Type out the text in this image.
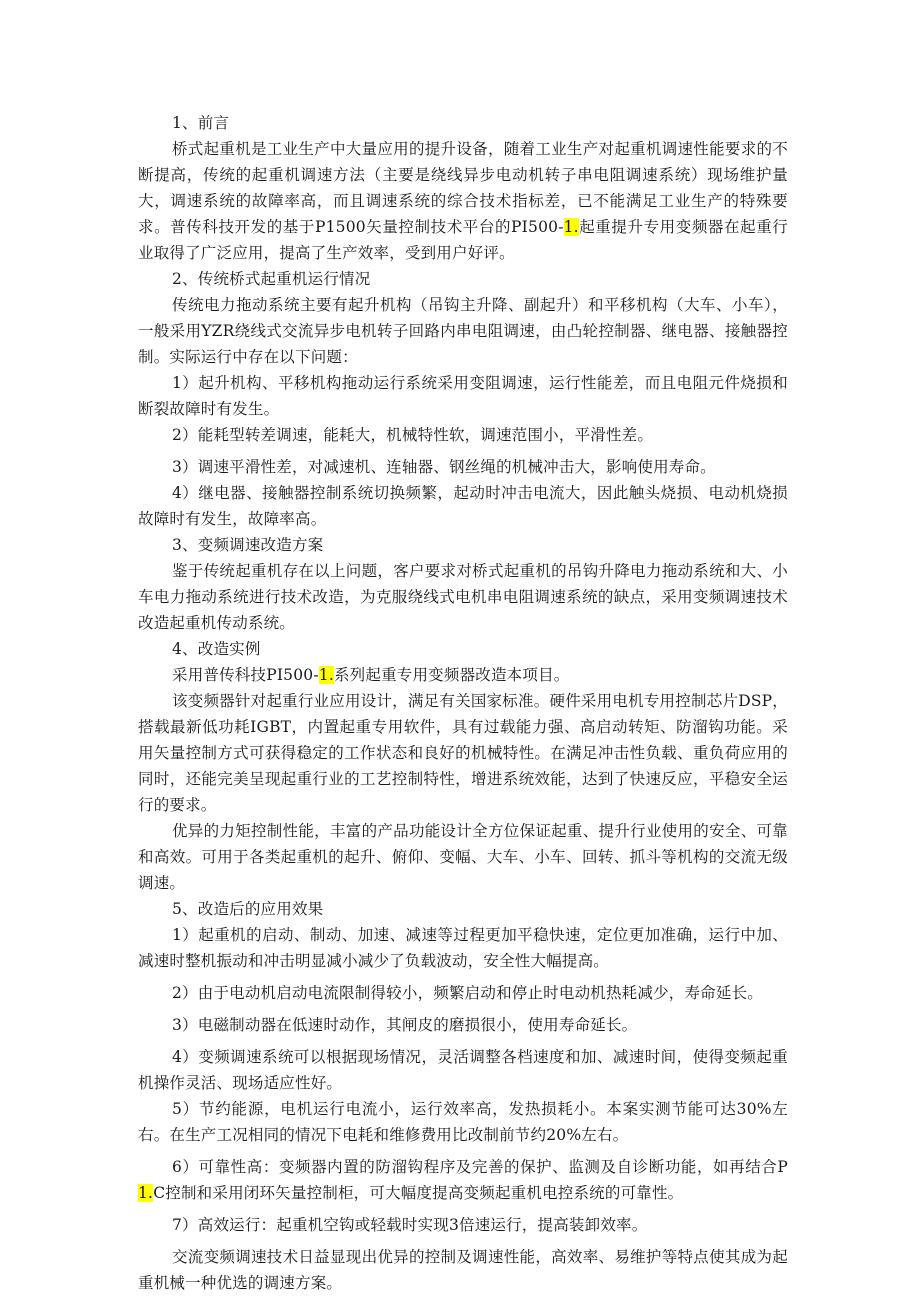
1、前言

桥式起重机是工业生产中大量应用的提升设备，随着工业生产对起重机调速性能要求的不断提高，传统的起重机调速方法（主要是绕线异步电动机转子串电阻调速系统）现场维护量大，调速系统的故障率高，而且调速系统的综合技术指标差，已不能满足工业生产的特殊要求。普传科技开发的基于P1500矢量控制技术平台的PI500-1.起重提升专用变频器在起重行业取得了广泛应用，提高了生产效率，受到用户好评。

2、传统桥式起重机运行情况

传统电力拖动系统主要有起升机构（吊钩主升降、副起升）和平移机构（大车、小车），一般采用YZR绕线式交流异步电机转子回路内串电阻调速，由凸轮控制器、继电器、接触器控制。实际运行中存在以下问题：

1）起升机构、平移机构拖动运行系统采用变阻调速，运行性能差，而且电阻元件烧损和断裂故障时有发生。

2）能耗型转差调速，能耗大，机械特性软，调速范围小，平滑性差。

3）调速平滑性差，对减速机、连轴器、钢丝绳的机械冲击大，影响使用寿命。

4）继电器、接触器控制系统切换频繁，起动时冲击电流大，因此触头烧损、电动机烧损故障时有发生，故障率高。

3、变频调速改造方案

鉴于传统起重机存在以上问题，客户要求对桥式起重机的吊钩升降电力拖动系统和大、小车电力拖动系统进行技术改造，为克服绕线式电机串电阻调速系统的缺点，采用变频调速技术改造起重机传动系统。

4、改造实例

采用普传科技PI500-1.系列起重专用变频器改造本项目。

该变频器针对起重行业应用设计，满足有关国家标准。硬件采用电机专用控制芯片DSP，搭载最新低功耗IGBT，内置起重专用软件，具有过载能力强、高启动转矩、防溜钩功能。采用矢量控制方式可获得稳定的工作状态和良好的机械特性。在满足冲击性负载、重负荷应用的同时，还能完美呈现起重行业的工艺控制特性，增进系统效能，达到了快速反应，平稳安全运行的要求。

优异的力矩控制性能，丰富的产品功能设计全方位保证起重、提升行业使用的安全、可靠和高效。可用于各类起重机的起升、俯仰、变幅、大车、小车、回转、抓斗等机构的交流无级调速。

5、改造后的应用效果

1）起重机的启动、制动、加速、减速等过程更加平稳快速，定位更加准确，运行中加、减速时整机振动和冲击明显减小减少了负载波动，安全性大幅提高。

2）由于电动机启动电流限制得较小，频繁启动和停止时电动机热耗减少，寿命延长。

3）电磁制动器在低速时动作，其闸皮的磨损很小，使用寿命延长。

4）变频调速系统可以根据现场情况，灵活调整各档速度和加、减速时间，使得变频起重机操作灵活、现场适应性好。

5）节约能源，电机运行电流小，运行效率高，发热损耗小。本案实测节能可达30%左右。在生产工况相同的情况下电耗和维修费用比改制前节约20%左右。

6）可靠性高：变频器内置的防溜钩程序及完善的保护、监测及自诊断功能，如再结合P1.C控制和采用闭环矢量控制柜，可大幅度提高变频起重机电控系统的可靠性。

7）高效运行：起重机空钩或轻载时实现3倍速运行，提高装卸效率。

交流变频调速技术日益显现出优异的控制及调速性能，高效率、易维护等特点使其成为起重机械一种优选的调速方案。
